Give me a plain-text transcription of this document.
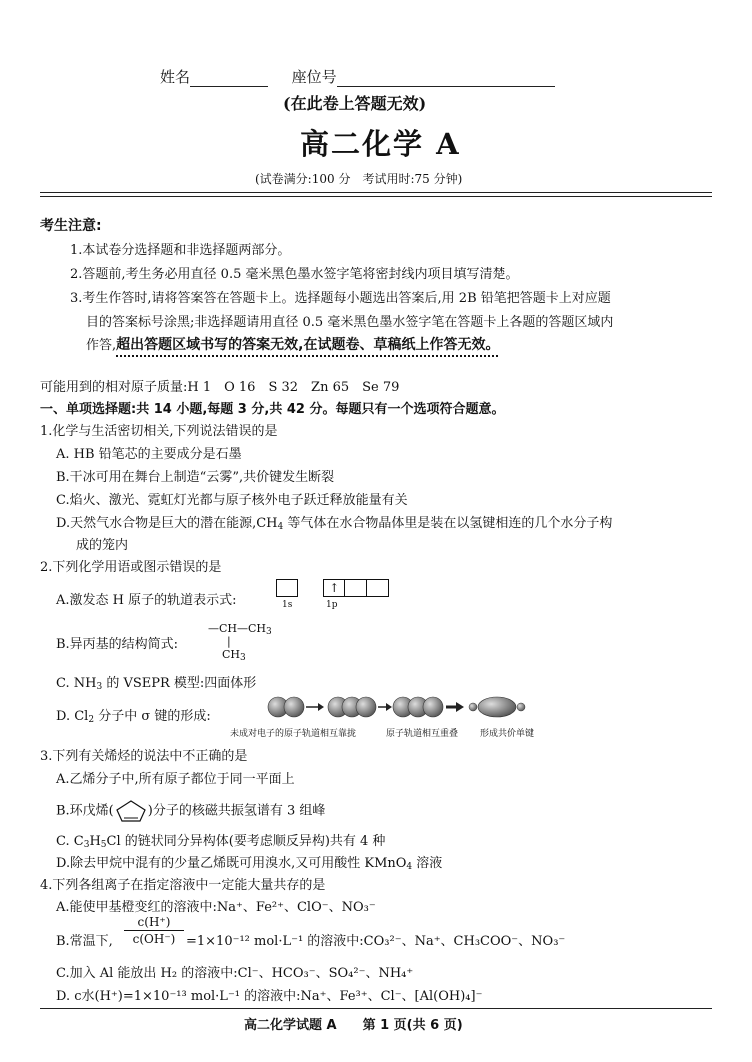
姓名	座位号
(在此卷上答题无效)
高二化学 A
(试卷满分:100 分　考试用时:75 分钟)
考生注意:
1.本试卷分选择题和非选择题两部分。
2.答题前,考生务必用直径 0.5 毫米黑色墨水签字笔将密封线内项目填写清楚。
3.考生作答时,请将答案答在答题卡上。选择题每小题选出答案后,用 2B 铅笔把答题卡上对应题
目的答案标号涂黑;非选择题请用直径 0.5 毫米黑色墨水签字笔在答题卡上各题的答题区域内
作答,超出答题区域书写的答案无效,在试题卷、草稿纸上作答无效。
可能用到的相对原子质量:H 1　O 16　S 32　Zn 65　Se 79
一、单项选择题:共 14 小题,每题 3 分,共 42 分。每题只有一个选项符合题意。
1.化学与生活密切相关,下列说法错误的是
A. HB 铅笔芯的主要成分是石墨
B.干冰可用在舞台上制造“云雾”,共价键发生断裂
C.焰火、激光、霓虹灯光都与原子核外电子跃迁释放能量有关
D.天然气水合物是巨大的潜在能源$,CH_4$ 等气体在水合物晶体里是装在以氢键相连的几个水分子构
成的笼内
2.下列化学用语或图示错误的是
A.激发态 H 原子的轨道表示式:
↑
1s	1p
B.异丙基的结构简式:
$—CH—CH_3$
|
$CH_3$
C. $NH_3$ 的 VSEPR 模型:四面体形
D. $Cl_2$ 分子中 σ 键的形成:
未成对电子的原子轨道相互靠拢	原子轨道相互重叠 形成共价单键
3.下列有关烯烃的说法中不正确的是
A.乙烯分子中,所有原子都位于同一平面上
B.环戊烯(	)分子的核磁共振氢谱有 3 组峰
C. $C_3H_5Cl$ 的链状同分异构体(要考虑顺反异构)共有 4 种
D.除去甲烷中混有的少量乙烯既可用溴水,又可用酸性 KMnO$_4$ 溶液
4.下列各组离子在指定溶液中一定能大量共存的是
A.能使甲基橙变红的溶液中:Na⁺、Fe²⁺、ClO⁻、NO₃⁻
B.常温下, $\frac{c(H^+)}{c(OH^-)} =1\times 10^{-12}$ mol·L⁻¹ 的溶液中:CO₃²⁻、Na⁺、CH₃COO⁻、NO₃⁻
C.加入 Al 能放出 H₂ 的溶液中:Cl⁻、HCO₃⁻、SO₄²⁻、NH₄⁺
D. c水(H⁺)=1×10⁻¹³ mol·L⁻¹ 的溶液中:Na⁺、Fe³⁺、Cl⁻、[Al(OH)₄]⁻
高二化学试题 A　　第 1 页(共 6 页)
